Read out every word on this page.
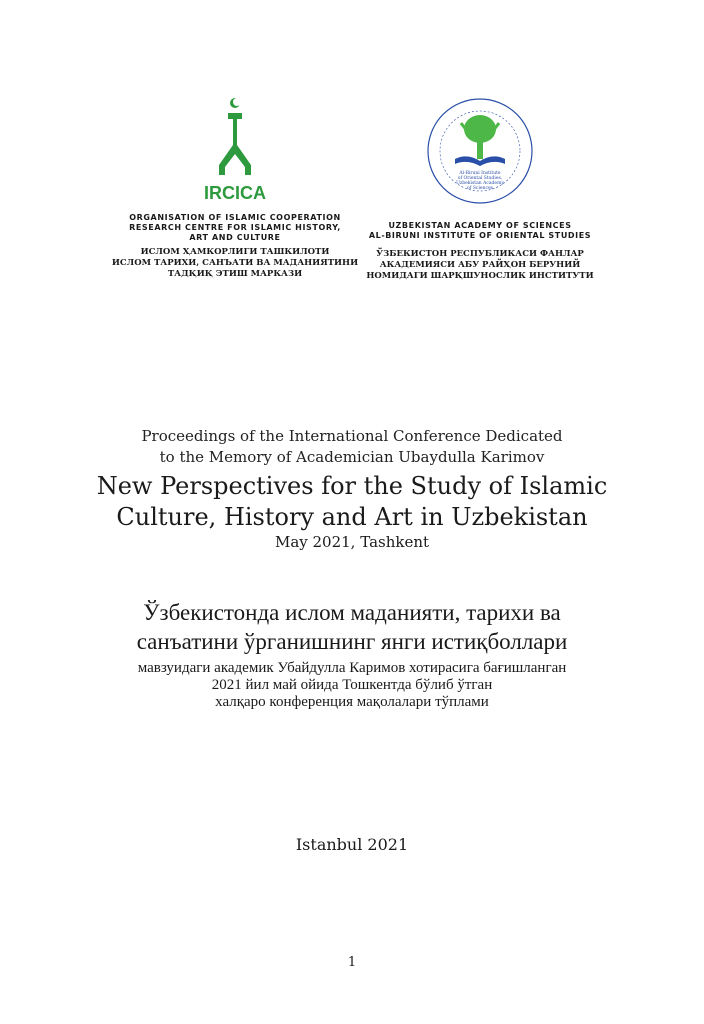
IRCICA
ORGANISATION OF ISLAMIC COOPERATION
RESEARCH CENTRE FOR ISLAMIC HISTORY,
ART AND CULTURE
ИСЛОМ ҲАМКОРЛИГИ ТАШКИЛОТИ
ИСЛОМ ТАРИХИ, САНЪАТИ ВА МАДАНИЯТИНИ
ТАДҚИҚ ЭТИШ МАРКАЗИ
Al-Biruni Institute
of Oriental Studies,
Uzbekistan Academy
of Sciences
UZBEKISTAN ACADEMY OF SCIENCES
AL-BIRUNI INSTITUTE OF ORIENTAL STUDIES
ЎЗБЕКИСТОН РЕСПУБЛИКАСИ ФАНЛАР
АКАДЕМИЯСИ АБУ РАЙҲОН БЕРУНИЙ
НОМИДАГИ ШАРҚШУНОСЛИК ИНСТИТУТИ
Proceedings of the International Conference Dedicated
to the Memory of Academician Ubaydulla Karimov
New Perspectives for the Study of Islamic
Culture, History and Art in Uzbekistan
May 2021, Tashkent
Ўзбекистонда ислом маданияти, тарихи ва
санъатини ўрганишнинг янги истиқболлари
мавзуидаги академик Убайдулла Каримов хотирасига бағишланган
2021 йил май ойида Тошкентда бўлиб ўтган
халқаро конференция мақолалари тўплами
Istanbul 2021
1
